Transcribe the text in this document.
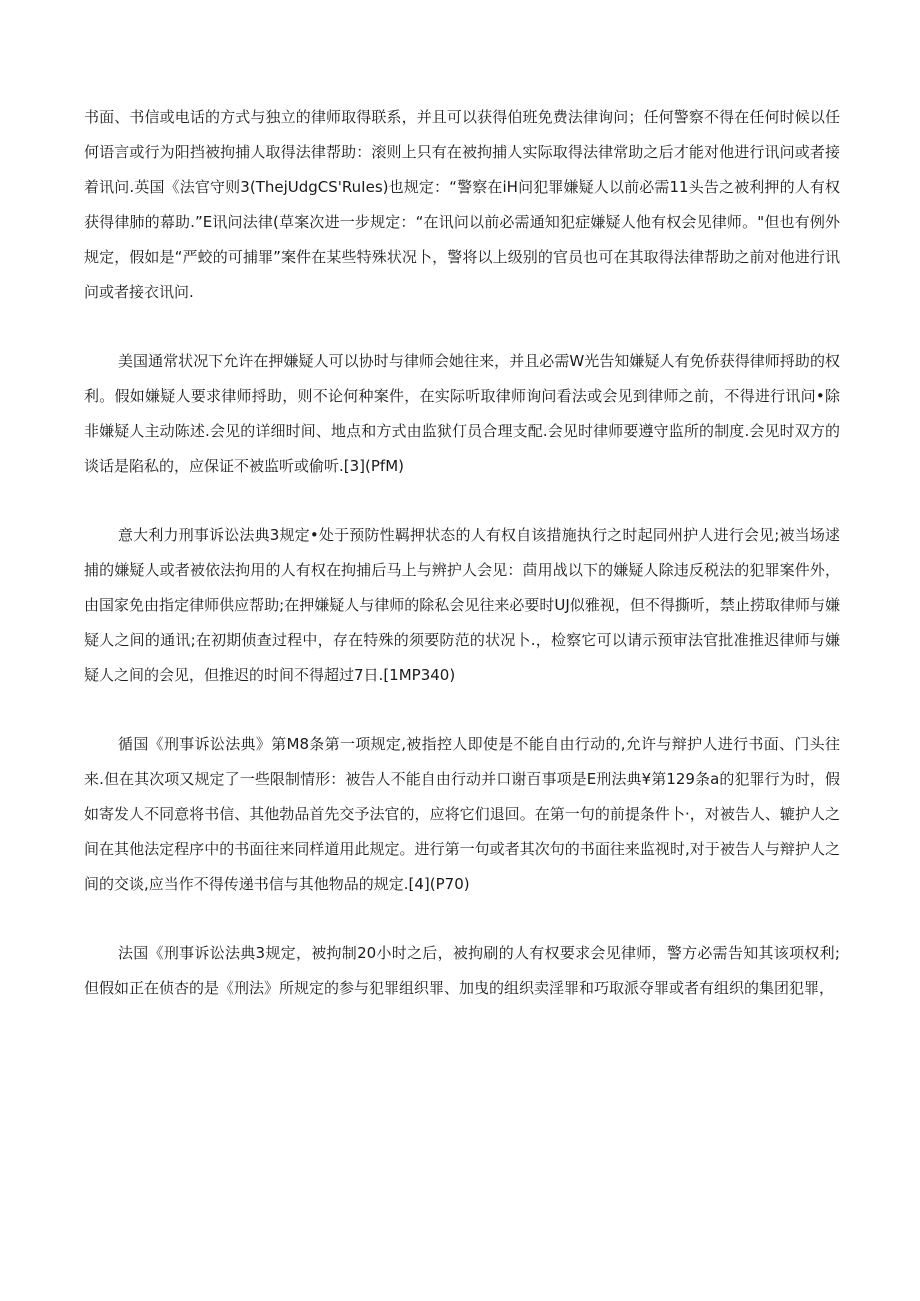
书面、书信或电话的方式与独立的律师取得联系，并且可以获得伯班免费法律询问；任何警察不得在任何时候以任何语言或行为阳挡被拘捕人取得法律帮助：滚则上只有在被拘捕人实际取得法律常助之后才能对他进行讯问或者接着讯问.英国《法官守则3(ThejUdgCS'RuIes)也规定：“警察在iH问犯罪嫌疑人以前必需11头告之被利押的人有权获得律肺的幕助.”E讯问法律(草案次进一步规定：“在讯问以前必需通知犯症嫌疑人他有权会见律师。"但也有例外规定，假如是“严蛟的可捕罪”案件在某些特殊状况卜，警将以上级别的官员也可在其取得法律帮助之前对他进行讯问或者接衣讯问.

美国通常状况下允许在押嫌疑人可以协时与律师会她往来，并且必需W光告知嫌疑人有免侨获得律师捋助的权利。假如嫌疑人要求律师捋助，则不论何种案件，在实际听取律师询问看法或会见到律师之前，不得进行讯问•除非嫌疑人主动陈述.会见的详细时间、地点和方式由监狱仃员合理支配.会见时律师要遵守监所的制度.会见时双方的谈话是陷私的，应保证不被监听或偷听.[3](PfM)

意大利力刑事诉讼法典3规定•处于预防性羁押状态的人有权自该措施执行之时起同州护人进行会见;被当场逑捕的嫌疑人或者被依法拘用的人有权在拘捕后马上与辨护人会见：茴用战以下的嫌疑人除违反税法的犯罪案件外，由国家免由指定律师供应帮助;在押嫌疑人与律师的除私会见往来必要时UJ似雅视，但不得撕听，禁止捞取律师与嫌疑人之间的通讯;在初期侦查过程中，存在特殊的须要防范的状况卜.，检察它可以请示预审法官批准推迟律师与嫌疑人之间的会见，但推迟的时间不得超过7日.[1MP340)

循国《刑事诉讼法典》第M8条第一项规定,被指控人即使是不能自由行动的,允许与辩护人进行书面、门头往来.但在其次项又规定了一些限制情形：被告人不能自由行动并口谢百事项是E刑法典¥第129条a的犯罪行为时，假如寄发人不同意将书信、其他勃品首先交予法官的，应将它们退回。在第一句的前提条件卜·，对被告人、辘护人之间在其他法定程序中的书面往来同样道用此规定。进行第一句或者其次句的书面往来监视时,对于被告人与辩护人之间的交谈,应当作不得传递书信与其他物品的规定.[4](P70)

法国《刑事诉讼法典3规定，被拘制20小时之后，被拘刷的人有权要求会见律师，警方必需告知其该项权利;但假如正在侦杏的是《刑法》所规定的参与犯罪组织罪、加曳的组织卖淫罪和巧取派夺罪或者有组织的集团犯罪，
